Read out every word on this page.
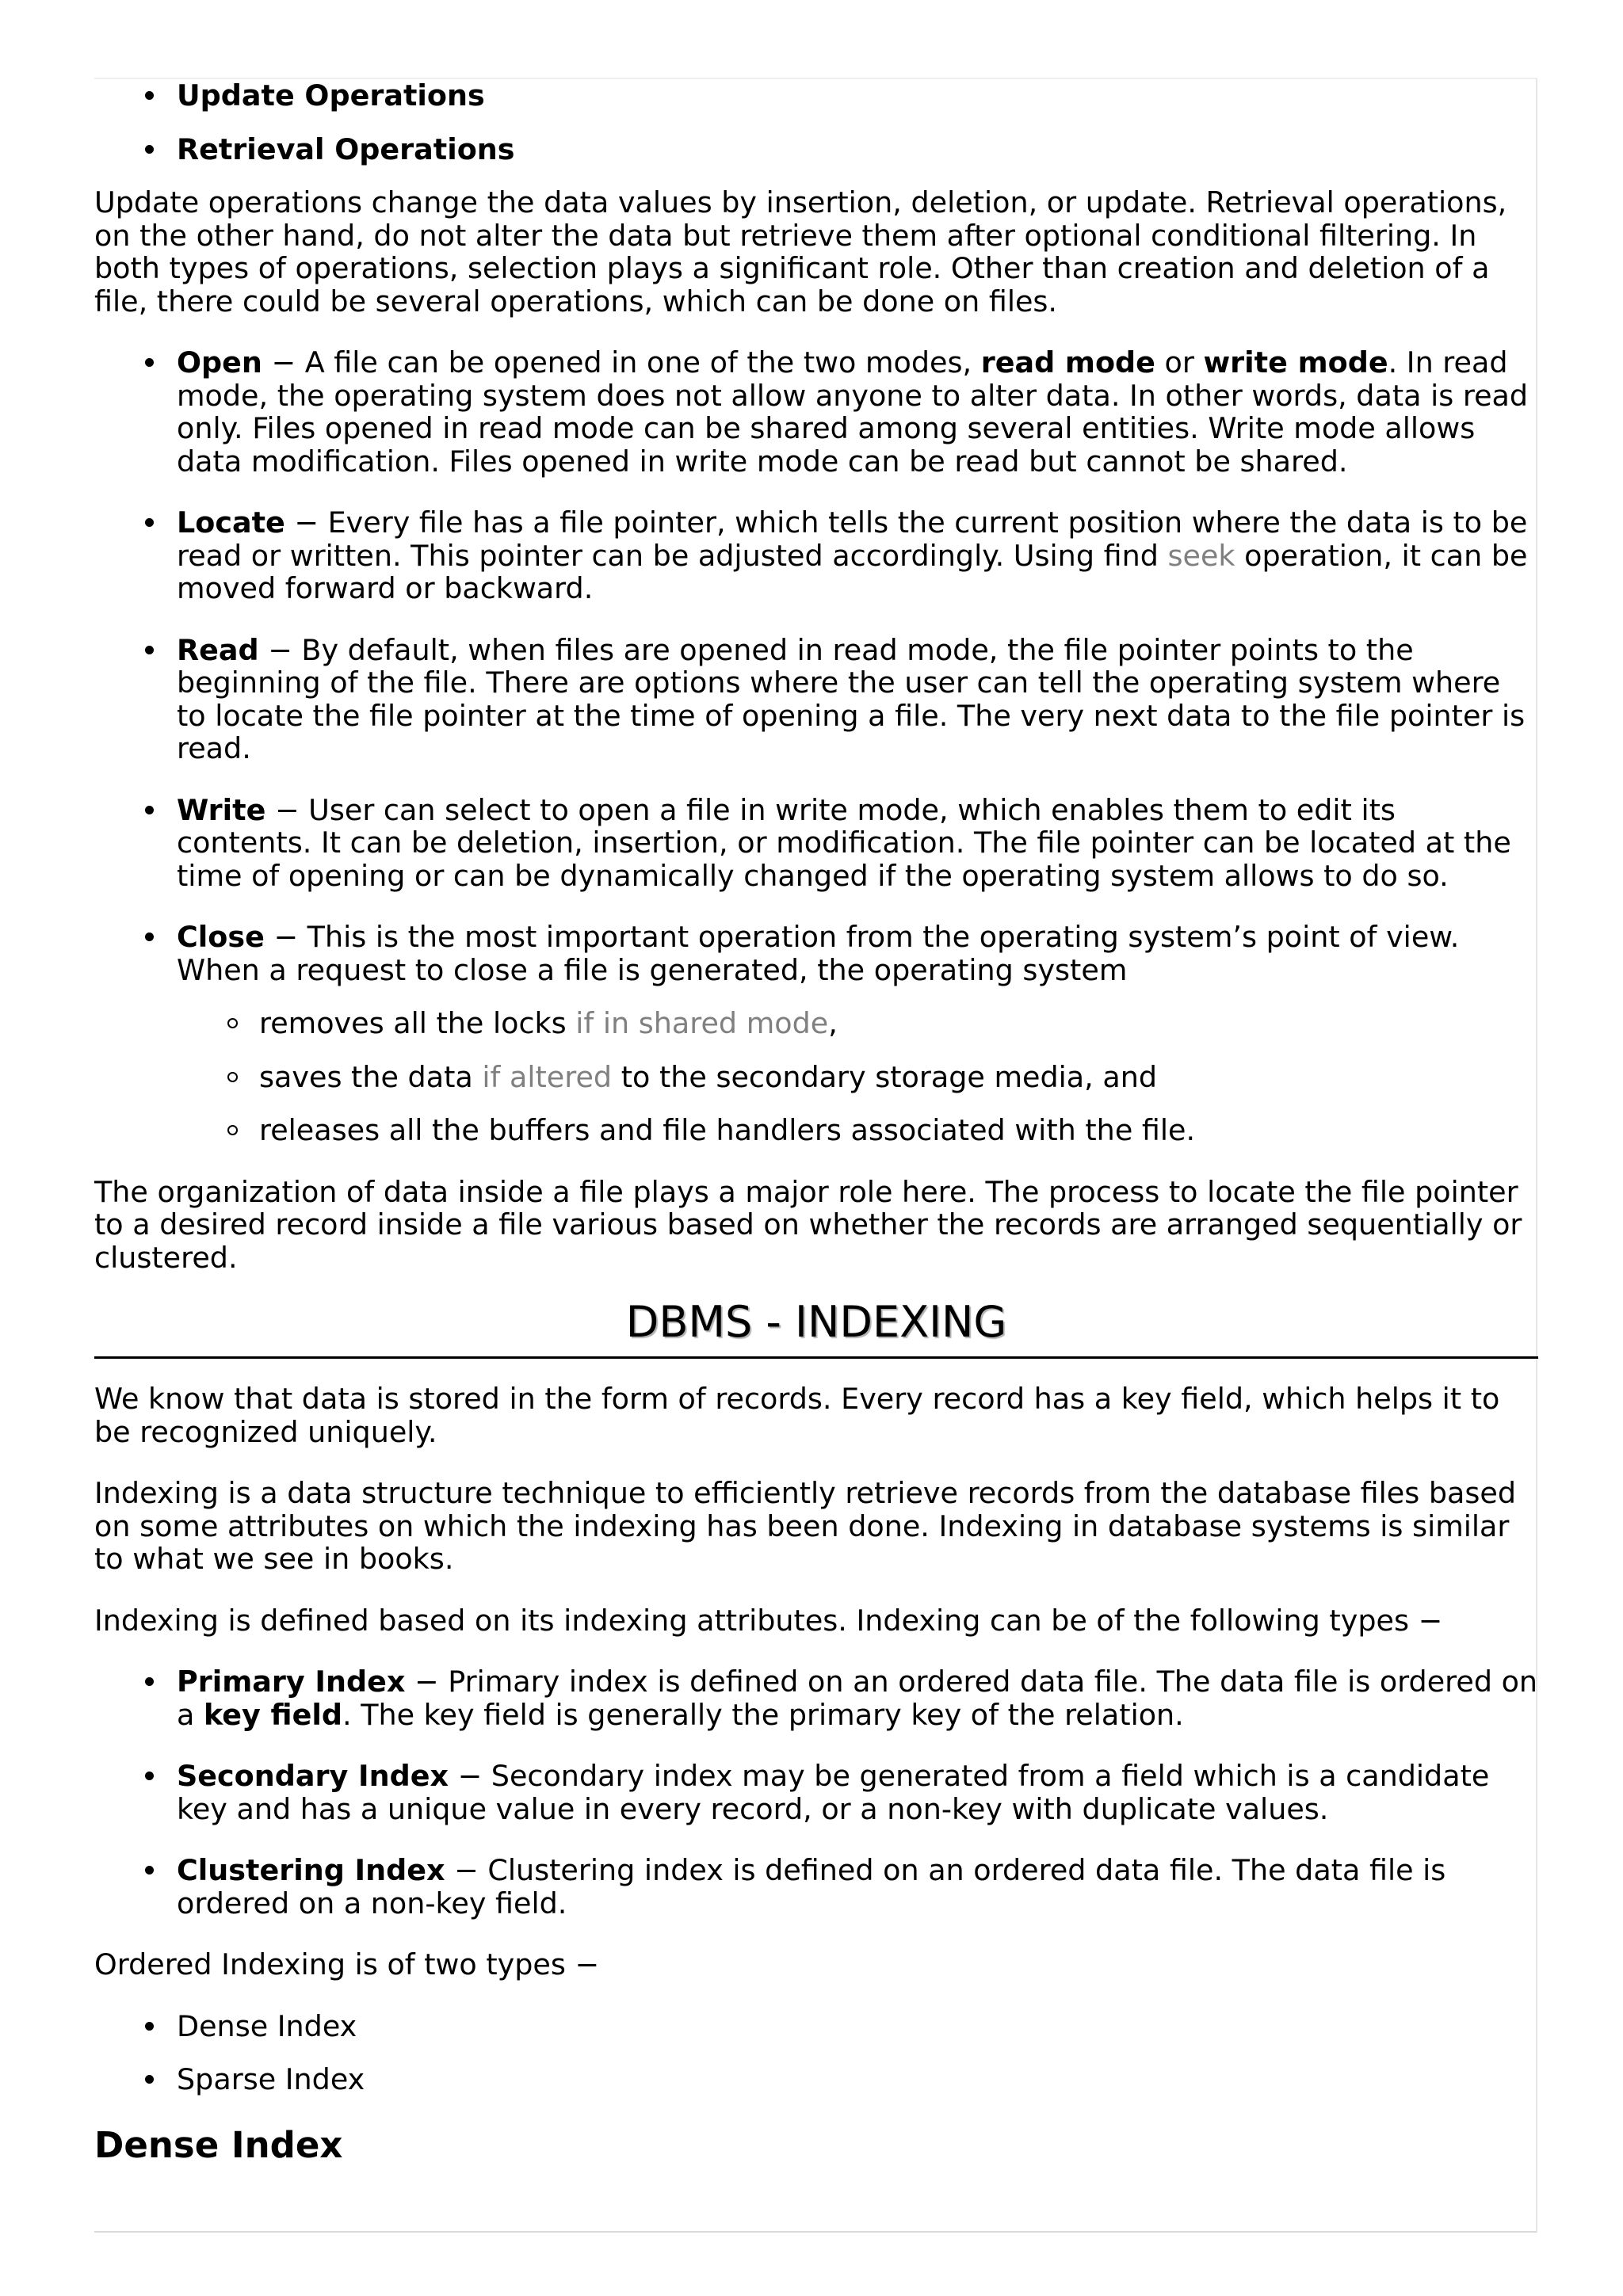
Update Operations
Retrieval Operations

Update operations change the data values by insertion, deletion, or update. Retrieval operations, on the other hand, do not alter the data but retrieve them after optional conditional filtering. In both types of operations, selection plays a significant role. Other than creation and deletion of a file, there could be several operations, which can be done on files.

Open − A file can be opened in one of the two modes, read mode or write mode. In read mode, the operating system does not allow anyone to alter data. In other words, data is read only. Files opened in read mode can be shared among several entities. Write mode allows data modification. Files opened in write mode can be read but cannot be shared.
Locate − Every file has a file pointer, which tells the current position where the data is to be read or written. This pointer can be adjusted accordingly. Using find seek operation, it can be moved forward or backward.
Read − By default, when files are opened in read mode, the file pointer points to the beginning of the file. There are options where the user can tell the operating system where to locate the file pointer at the time of opening a file. The very next data to the file pointer is read.
Write − User can select to open a file in write mode, which enables them to edit its contents. It can be deletion, insertion, or modification. The file pointer can be located at the time of opening or can be dynamically changed if the operating system allows to do so.
Close − This is the most important operation from the operating system’s point of view. When a request to close a file is generated, the operating system
removes all the locks if in shared mode,
saves the data if altered to the secondary storage media, and
releases all the buffers and file handlers associated with the file.

The organization of data inside a file plays a major role here. The process to locate the file pointer to a desired record inside a file various based on whether the records are arranged sequentially or clustered.

DBMS - INDEXING

We know that data is stored in the form of records. Every record has a key field, which helps it to be recognized uniquely.

Indexing is a data structure technique to efficiently retrieve records from the database files based on some attributes on which the indexing has been done. Indexing in database systems is similar to what we see in books.

Indexing is defined based on its indexing attributes. Indexing can be of the following types −

Primary Index − Primary index is defined on an ordered data file. The data file is ordered on a key field. The key field is generally the primary key of the relation.
Secondary Index − Secondary index may be generated from a field which is a candidate key and has a unique value in every record, or a non-key with duplicate values.
Clustering Index − Clustering index is defined on an ordered data file. The data file is ordered on a non-key field.

Ordered Indexing is of two types −

Dense Index
Sparse Index
Dense Index
